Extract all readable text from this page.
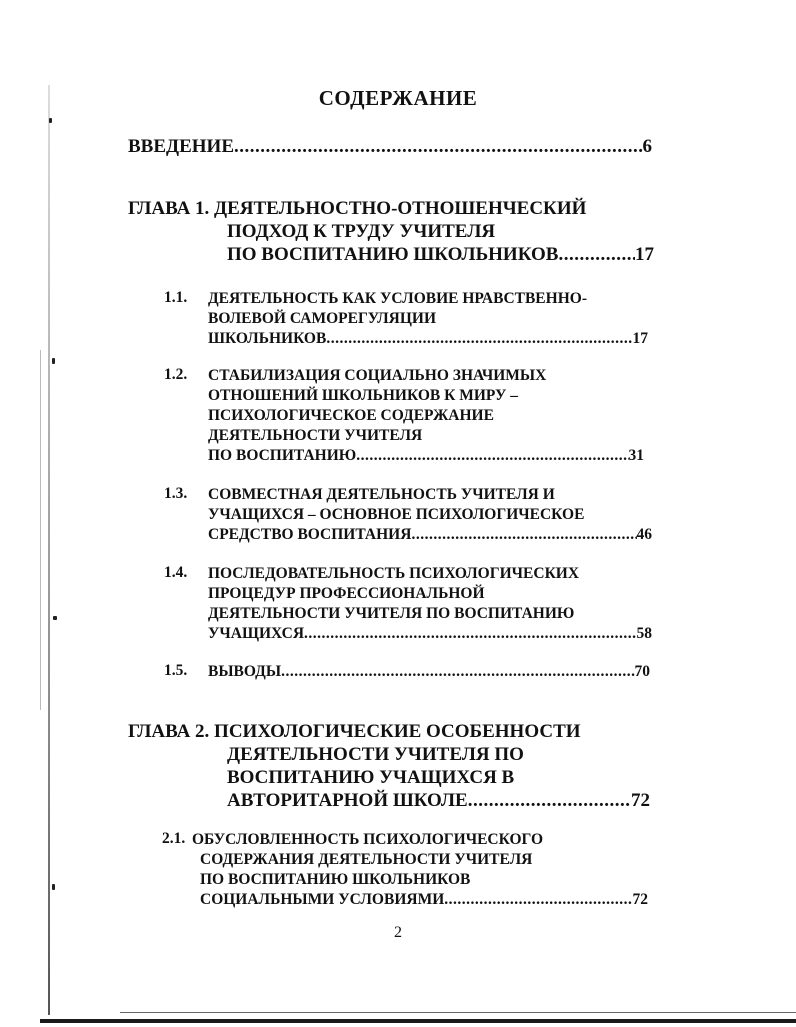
СОДЕРЖАНИЕ
ВВЕДЕНИЕ .....	6
ГЛАВА 1. ДЕЯТЕЛЬНОСТНО-ОТНОШЕНЧЕСКИЙ
ПОДХОД К ТРУДУ УЧИТЕЛЯ
ПО ВОСПИТАНИЮ ШКОЛЬНИКОВ .....	17
1.1. ДЕЯТЕЛЬНОСТЬ КАК УСЛОВИЕ НРАВСТВЕННО-
ВОЛЕВОЙ САМОРЕГУЛЯЦИИ
ШКОЛЬНИКОВ .....	17
1.2. СТАБИЛИЗАЦИЯ СОЦИАЛЬНО ЗНАЧИМЫХ
ОТНОШЕНИЙ ШКОЛЬНИКОВ К МИРУ –
ПСИХОЛОГИЧЕСКОЕ СОДЕРЖАНИЕ
ДЕЯТЕЛЬНОСТИ УЧИТЕЛЯ
ПО ВОСПИТАНИЮ .....	31
1.3. СОВМЕСТНАЯ ДЕЯТЕЛЬНОСТЬ УЧИТЕЛЯ И
УЧАЩИХСЯ – ОСНОВНОЕ ПСИХОЛОГИЧЕСКОЕ
СРЕДСТВО ВОСПИТАНИЯ .....	46
1.4. ПОСЛЕДОВАТЕЛЬНОСТЬ ПСИХОЛОГИЧЕСКИХ
ПРОЦЕДУР ПРОФЕССИОНАЛЬНОЙ
ДЕЯТЕЛЬНОСТИ УЧИТЕЛЯ ПО ВОСПИТАНИЮ
УЧАЩИХСЯ .....	58
1.5. ВЫВОДЫ .....	70
ГЛАВА 2. ПСИХОЛОГИЧЕСКИЕ ОСОБЕННОСТИ
ДЕЯТЕЛЬНОСТИ УЧИТЕЛЯ ПО
ВОСПИТАНИЮ УЧАЩИХСЯ В
АВТОРИТАРНОЙ ШКОЛЕ .....	72
2.1. ОБУСЛОВЛЕННОСТЬ ПСИХОЛОГИЧЕСКОГО
СОДЕРЖАНИЯ ДЕЯТЕЛЬНОСТИ УЧИТЕЛЯ
ПО ВОСПИТАНИЮ ШКОЛЬНИКОВ
СОЦИАЛЬНЫМИ УСЛОВИЯМИ .....	72
2
